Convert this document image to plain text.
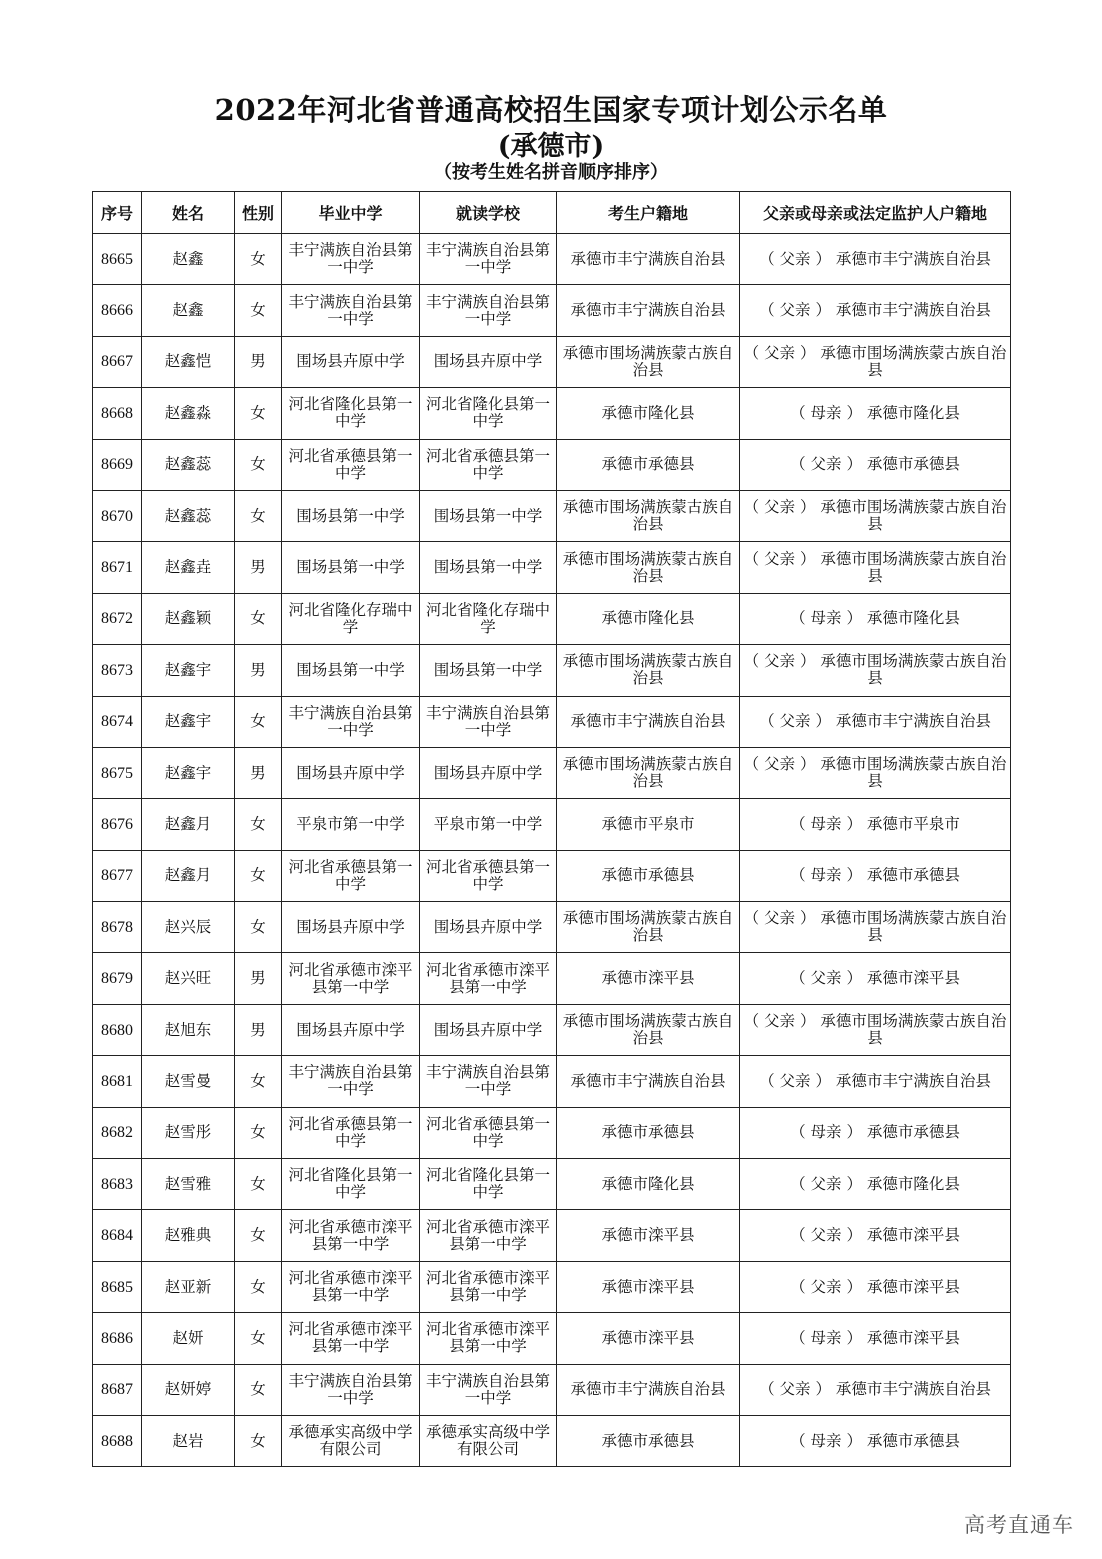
2022年河北省普通高校招生国家专项计划公示名单
(承德市)
（按考生姓名拼音顺序排序）
序号	姓名	性别	毕业中学	就读学校	考生户籍地	父亲或母亲或法定监护人户籍地
8665	赵鑫	女	丰宁满族自治县第一中学	丰宁满族自治县第一中学	承德市丰宁满族自治县	（ 父亲 ） 承德市丰宁满族自治县
8666	赵鑫	女	丰宁满族自治县第一中学	丰宁满族自治县第一中学	承德市丰宁满族自治县	（ 父亲 ） 承德市丰宁满族自治县
8667	赵鑫恺	男	围场县卉原中学	围场县卉原中学	承德市围场满族蒙古族自治县	（ 父亲 ） 承德市围场满族蒙古族自治县
8668	赵鑫淼	女	河北省隆化县第一中学	河北省隆化县第一中学	承德市隆化县	（ 母亲 ） 承德市隆化县
8669	赵鑫蕊	女	河北省承德县第一中学	河北省承德县第一中学	承德市承德县	（ 父亲 ） 承德市承德县
8670	赵鑫蕊	女	围场县第一中学	围场县第一中学	承德市围场满族蒙古族自治县	（ 父亲 ） 承德市围场满族蒙古族自治县
8671	赵鑫垚	男	围场县第一中学	围场县第一中学	承德市围场满族蒙古族自治县	（ 父亲 ） 承德市围场满族蒙古族自治县
8672	赵鑫颖	女	河北省隆化存瑞中学	河北省隆化存瑞中学	承德市隆化县	（ 母亲 ） 承德市隆化县
8673	赵鑫宇	男	围场县第一中学	围场县第一中学	承德市围场满族蒙古族自治县	（ 父亲 ） 承德市围场满族蒙古族自治县
8674	赵鑫宇	女	丰宁满族自治县第一中学	丰宁满族自治县第一中学	承德市丰宁满族自治县	（ 父亲 ） 承德市丰宁满族自治县
8675	赵鑫宇	男	围场县卉原中学	围场县卉原中学	承德市围场满族蒙古族自治县	（ 父亲 ） 承德市围场满族蒙古族自治县
8676	赵鑫月	女	平泉市第一中学	平泉市第一中学	承德市平泉市	（ 母亲 ） 承德市平泉市
8677	赵鑫月	女	河北省承德县第一中学	河北省承德县第一中学	承德市承德县	（ 母亲 ） 承德市承德县
8678	赵兴辰	女	围场县卉原中学	围场县卉原中学	承德市围场满族蒙古族自治县	（ 父亲 ） 承德市围场满族蒙古族自治县
8679	赵兴旺	男	河北省承德市滦平县第一中学	河北省承德市滦平县第一中学	承德市滦平县	（ 父亲 ） 承德市滦平县
8680	赵旭东	男	围场县卉原中学	围场县卉原中学	承德市围场满族蒙古族自治县	（ 父亲 ） 承德市围场满族蒙古族自治县
8681	赵雪曼	女	丰宁满族自治县第一中学	丰宁满族自治县第一中学	承德市丰宁满族自治县	（ 父亲 ） 承德市丰宁满族自治县
8682	赵雪彤	女	河北省承德县第一中学	河北省承德县第一中学	承德市承德县	（ 母亲 ） 承德市承德县
8683	赵雪雅	女	河北省隆化县第一中学	河北省隆化县第一中学	承德市隆化县	（ 父亲 ） 承德市隆化县
8684	赵雅典	女	河北省承德市滦平县第一中学	河北省承德市滦平县第一中学	承德市滦平县	（ 父亲 ） 承德市滦平县
8685	赵亚新	女	河北省承德市滦平县第一中学	河北省承德市滦平县第一中学	承德市滦平县	（ 父亲 ） 承德市滦平县
8686	赵妍	女	河北省承德市滦平县第一中学	河北省承德市滦平县第一中学	承德市滦平县	（ 母亲 ） 承德市滦平县
8687	赵妍婷	女	丰宁满族自治县第一中学	丰宁满族自治县第一中学	承德市丰宁满族自治县	（ 父亲 ） 承德市丰宁满族自治县
8688	赵岩	女	承德承实高级中学有限公司	承德承实高级中学有限公司	承德市承德县	（ 母亲 ） 承德市承德县
高考直通车
